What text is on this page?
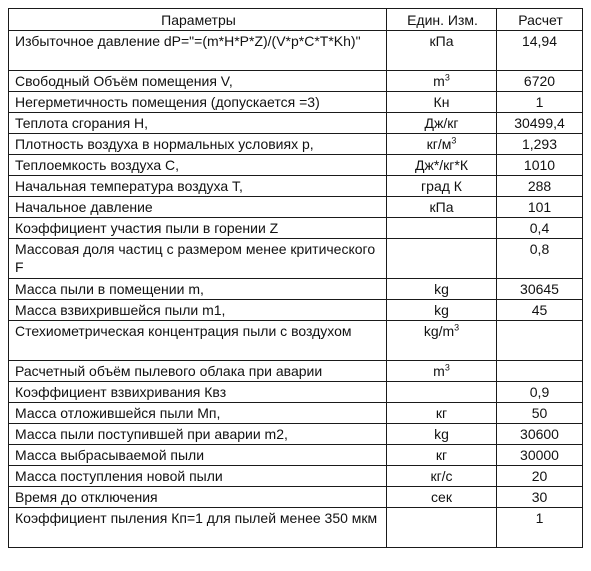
Параметры	Един. Изм.	Расчет
Избыточное давление dP="=(m*H*P*Z)/(V*p*C*T*Kh)"	кПа	14,94
Свободный Объём помещения V,	$m^3$	6720
Негерметичность помещения (допускается =3)	Кн	1
Теплота сгорания Н,	Дж/кг	30499,4
Плотность воздуха в нормальных условиях p,	$кг/м^3$	1,293
Теплоемкость воздуха С,	Дж*/кг*К	1010
Начальная температура воздуха Т,	град К	288
Начальное давление	кПа	101
Коэффициент участия пыли в горении Z		0,4
Массовая доля частиц с размером менее критического F		0,8
Масса пыли в помещении m,	kg	30645
Масса взвихрившейся пыли m1,	kg	45
Стехиометрическая концентрация пыли с воздухом	$kg/m^3$	
Расчетный объём пылевого облака при аварии	$m^3$	
Коэффициент взвихривания Квз		0,9
Масса отложившейся пыли Мп,	кг	50
Масса пыли поступившей при аварии m2,	kg	30600
Масса выбрасываемой пыли	кг	30000
Масса поступления новой пыли	кг/с	20
Время до отключения	сек	30
Коэффициент пыления Кп=1 для пылей менее 350 мкм		1
